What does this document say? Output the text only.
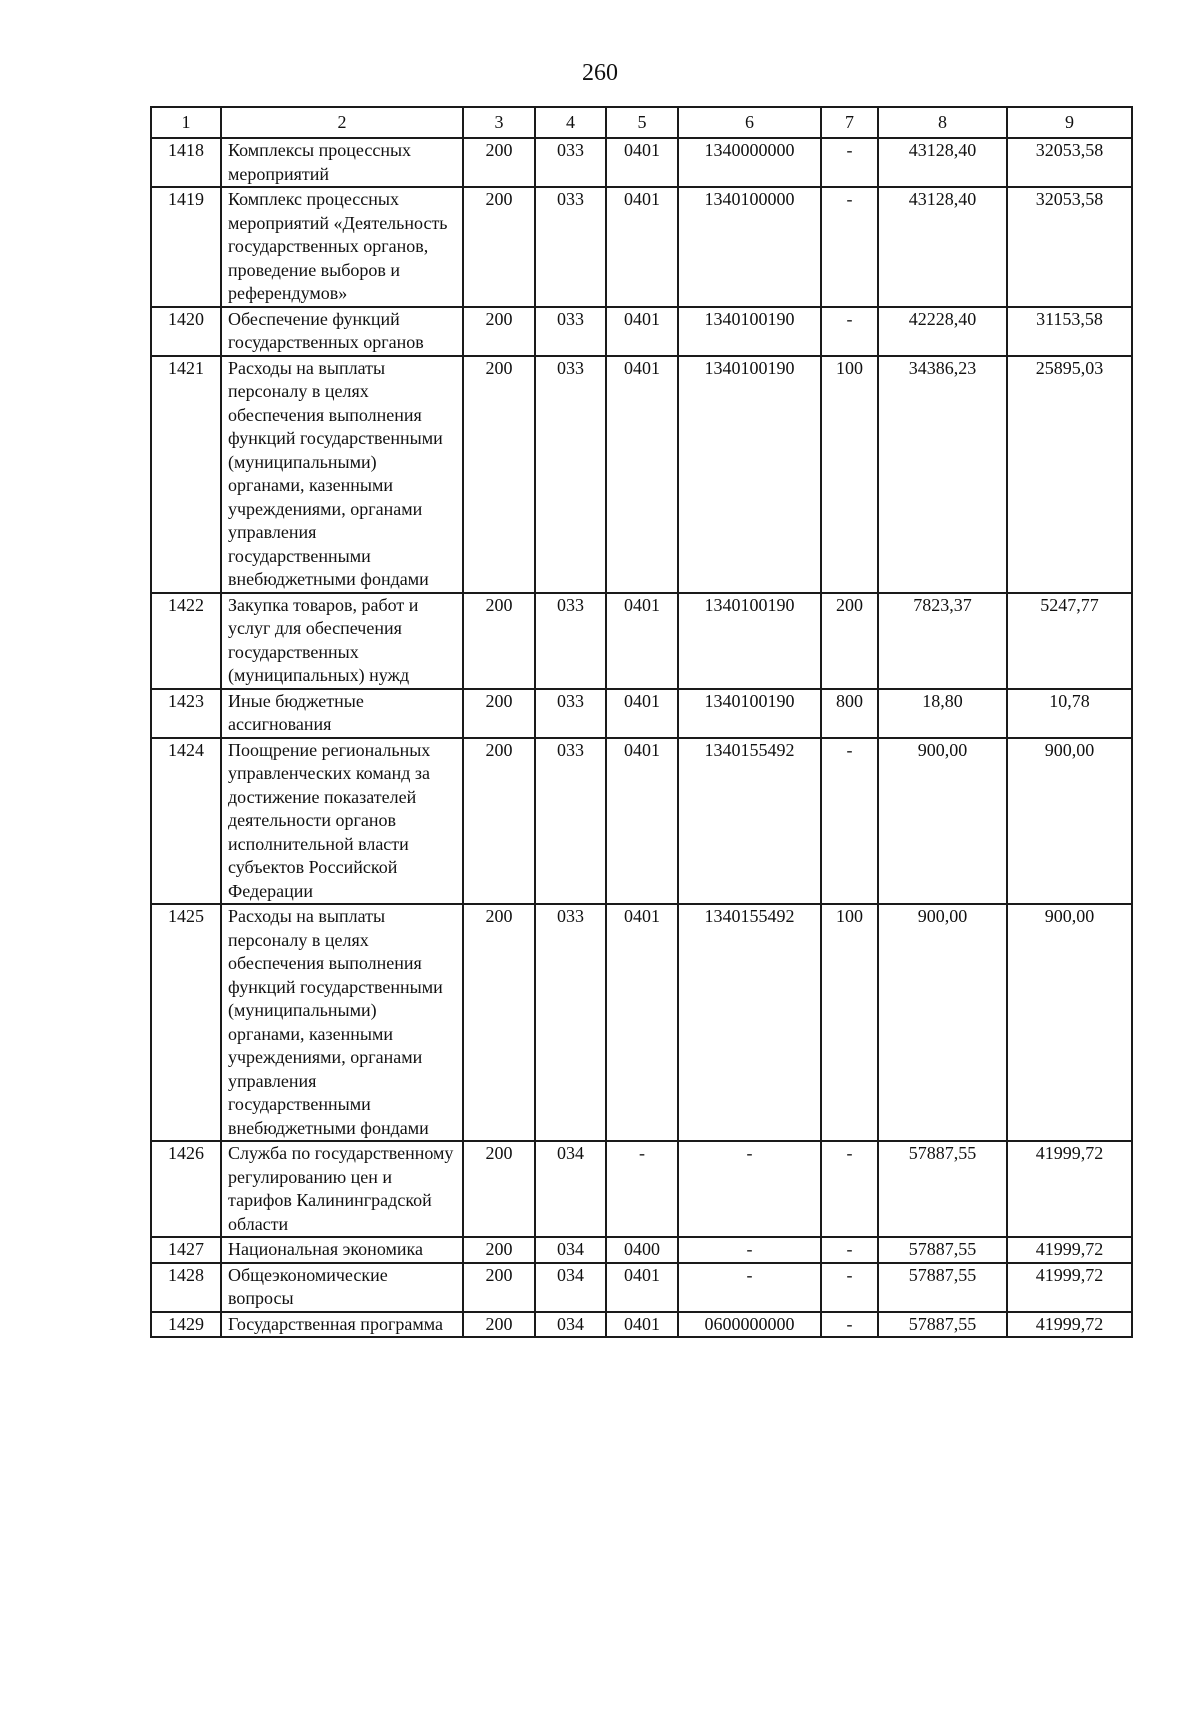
260
1	2	3	4	5	6	7	8	9
1418	Комплексы процессных мероприятий	200	033	0401	1340000000	-	43128,40	32053,58
1419	Комплекс процессных мероприятий «Деятельность государственных органов, проведение выборов и референдумов»	200	033	0401	1340100000	-	43128,40	32053,58
1420	Обеспечение функций государственных органов	200	033	0401	1340100190	-	42228,40	31153,58
1421	Расходы на выплаты персоналу в целях обеспечения выполнения функций государственными (муниципальными) органами, казенными учреждениями, органами управления государственными внебюджетными фондами	200	033	0401	1340100190	100	34386,23	25895,03
1422	Закупка товаров, работ и услуг для обеспечения государственных (муниципальных) нужд	200	033	0401	1340100190	200	7823,37	5247,77
1423	Иные бюджетные ассигнования	200	033	0401	1340100190	800	18,80	10,78
1424	Поощрение региональных управленческих команд за достижение показателей деятельности органов исполнительной власти субъектов Российской Федерации	200	033	0401	1340155492	-	900,00	900,00
1425	Расходы на выплаты персоналу в целях обеспечения выполнения функций государственными (муниципальными) органами, казенными учреждениями, органами управления государственными внебюджетными фондами	200	033	0401	1340155492	100	900,00	900,00
1426	Служба по государственному регулированию цен и тарифов Калининградской области	200	034	-	-	-	57887,55	41999,72
1427	Национальная экономика	200	034	0400	-	-	57887,55	41999,72
1428	Общеэкономические вопросы	200	034	0401	-	-	57887,55	41999,72
1429	Государственная программа	200	034	0401	0600000000	-	57887,55	41999,72
